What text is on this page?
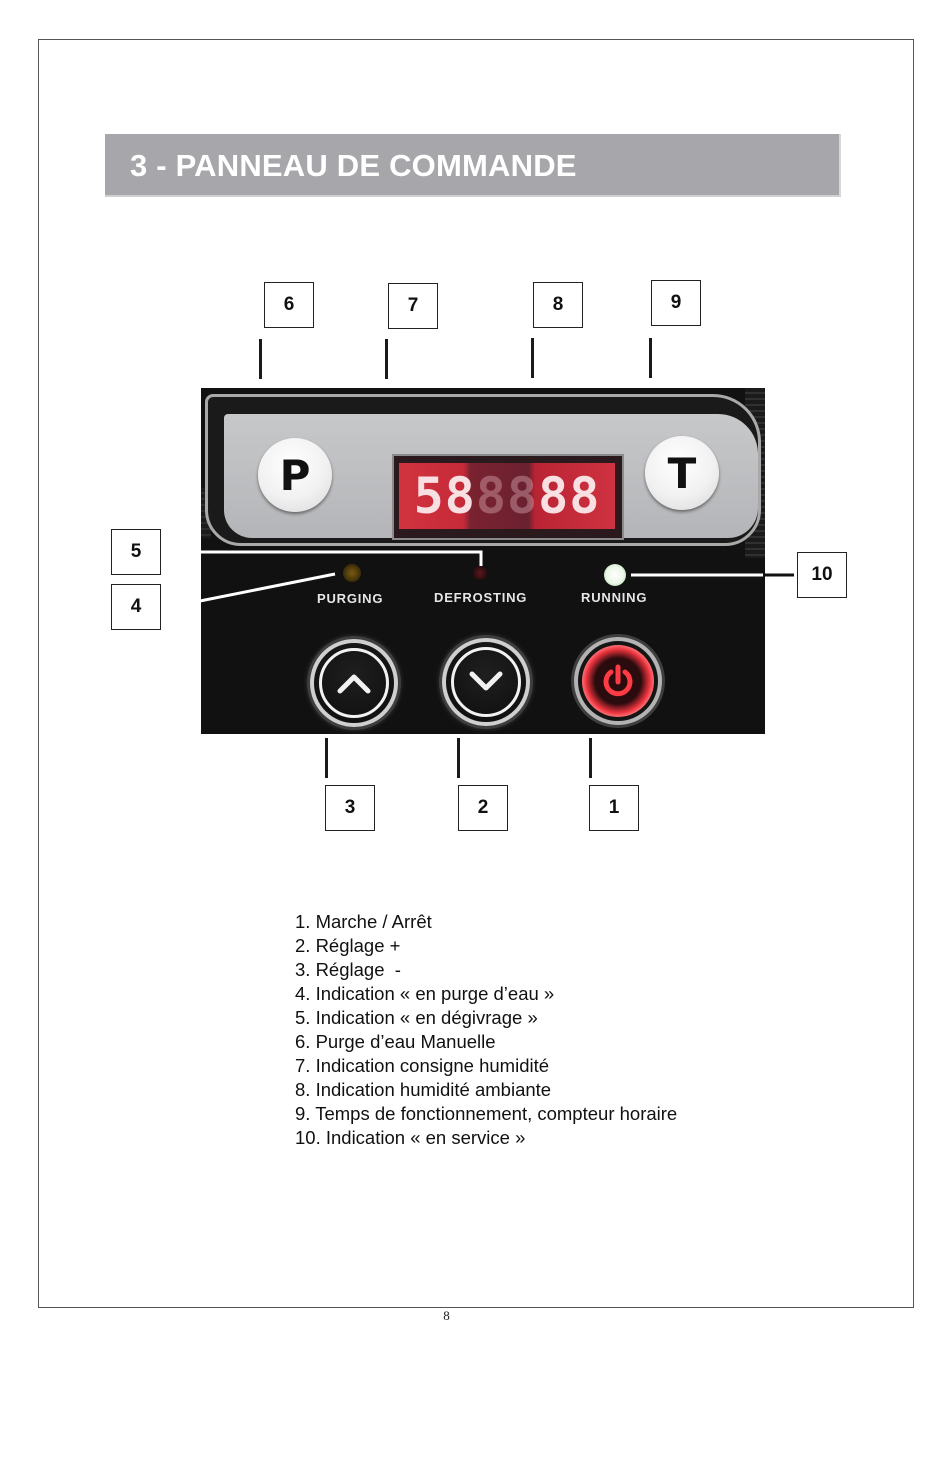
3 - PANNEAU DE COMMANDE
6	7	8	9
5
4
10
P	58 88 88	T
PURGING	DEFROSTING	RUNNING
3	2	1
1. Marche / Arrêt
2. Réglage +
3. Réglage  -
4. Indication « en purge d’eau »
5. Indication « en dégivrage »
6. Purge d’eau Manuelle
7. Indication consigne humidité
8. Indication humidité ambiante
9. Temps de fonctionnement, compteur horaire
10. Indication « en service »
8
